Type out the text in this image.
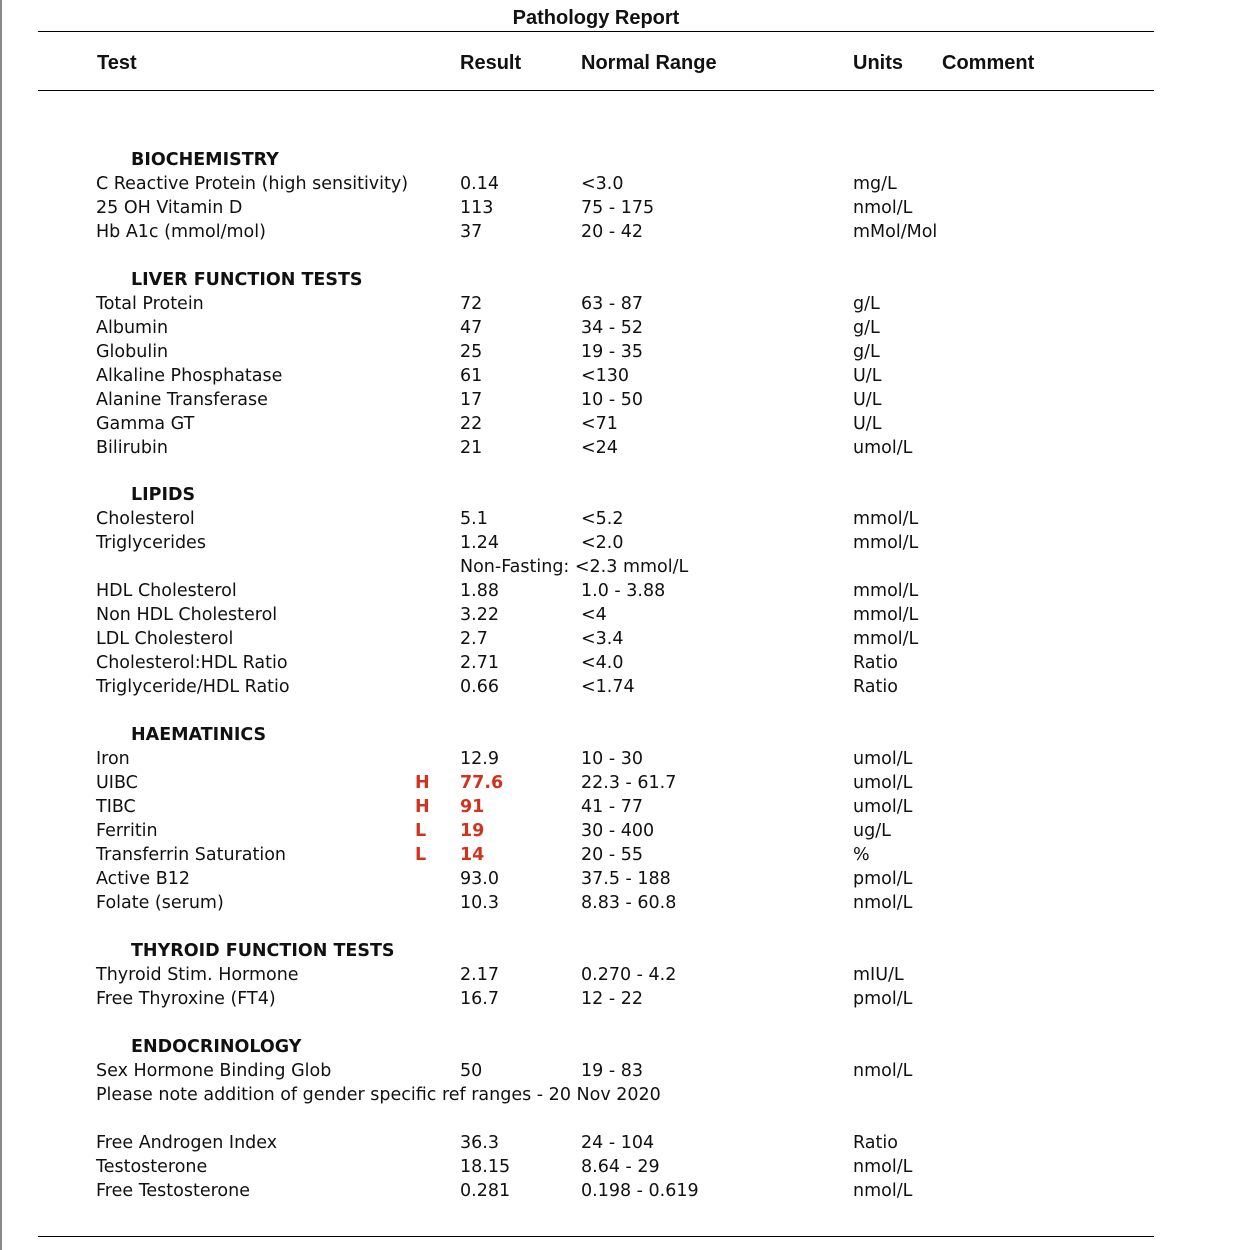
Pathology Report
Test	Result	Normal Range	Units Comment
BIOCHEMISTRY
C Reactive Protein (high sensitivity)	0.14	<3.0	mg/L
25 OH Vitamin D	113	75 - 175	nmol/L
Hb A1c (mmol/mol)	37	20 - 42	mMol/Mol
LIVER FUNCTION TESTS
Total Protein	72	63 - 87	g/L
Albumin	47	34 - 52	g/L
Globulin	25	19 - 35	g/L
Alkaline Phosphatase	61	<130	U/L
Alanine Transferase	17	10 - 50	U/L
Gamma GT	22	<71	U/L
Bilirubin	21	<24	umol/L
LIPIDS
Cholesterol	5.1	<5.2	mmol/L
Triglycerides	1.24	<2.0	mmol/L
Non-Fasting: <2.3 mmol/L
HDL Cholesterol	1.88	1.0 - 3.88	mmol/L
Non HDL Cholesterol	3.22	<4	mmol/L
LDL Cholesterol	2.7	<3.4	mmol/L
Cholesterol:HDL Ratio	2.71	<4.0	Ratio
Triglyceride/HDL Ratio	0.66	<1.74	Ratio
HAEMATINICS
Iron	12.9	10 - 30	umol/L
UIBC	H 77.6	22.3 - 61.7	umol/L
TIBC	H 91	41 - 77	umol/L
Ferritin	L 19	30 - 400	ug/L
Transferrin Saturation	L 14	20 - 55	%
Active B12	93.0	37.5 - 188	pmol/L
Folate (serum)	10.3	8.83 - 60.8	nmol/L
THYROID FUNCTION TESTS
Thyroid Stim. Hormone	2.17	0.270 - 4.2	mIU/L
Free Thyroxine (FT4)	16.7	12 - 22	pmol/L
ENDOCRINOLOGY
Sex Hormone Binding Glob	50	19 - 83	nmol/L
Please note addition of gender specific ref ranges - 20 Nov 2020
Free Androgen Index	36.3	24 - 104	Ratio
Testosterone	18.15	8.64 - 29	nmol/L
Free Testosterone	0.281	0.198 - 0.619	nmol/L
